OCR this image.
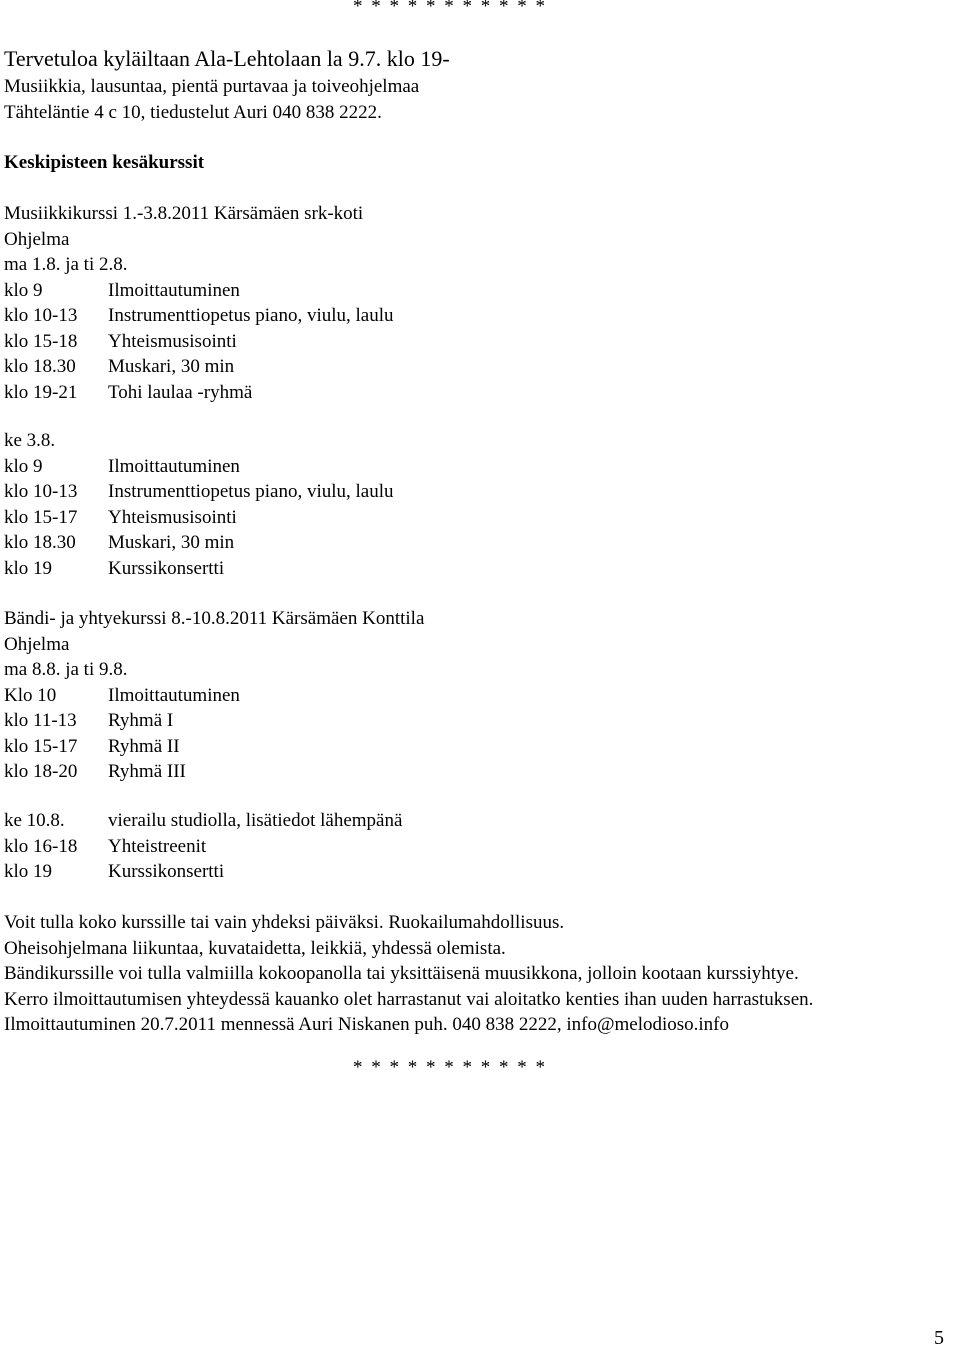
* * * * * * * * * * *
Tervetuloa kyläiltaan Ala-Lehtolaan la 9.7. klo 19-
Musiikkia, lausuntaa, pientä purtavaa ja toiveohjelmaa
Tähteläntie 4 c 10, tiedustelut Auri 040 838 2222.
Keskipisteen kesäkurssit
Musiikkikurssi 1.-3.8.2011 Kärsämäen srk-koti
Ohjelma
ma 1.8. ja ti 2.8.
klo 9	Ilmoittautuminen
klo 10-13 Instrumenttiopetus piano, viulu, laulu
klo 15-18 Yhteismusisointi
klo 18.30 Muskari, 30 min
klo 19-21 Tohi laulaa -ryhmä
ke 3.8.
klo 9	Ilmoittautuminen
klo 10-13 Instrumenttiopetus piano, viulu, laulu
klo 15-17 Yhteismusisointi
klo 18.30 Muskari, 30 min
klo 19	Kurssikonsertti
Bändi- ja yhtyekurssi 8.-10.8.2011 Kärsämäen Konttila
Ohjelma
ma 8.8. ja ti 9.8.
Klo 10	Ilmoittautuminen
klo 11-13 Ryhmä I
klo 15-17 Ryhmä II
klo 18-20 Ryhmä III
ke 10.8. vierailu studiolla, lisätiedot lähempänä
klo 16-18 Yhteistreenit
klo 19	Kurssikonsertti
Voit tulla koko kurssille tai vain yhdeksi päiväksi. Ruokailumahdollisuus.
Oheisohjelmana liikuntaa, kuvataidetta, leikkiä, yhdessä olemista.
Bändikurssille voi tulla valmiilla kokoopanolla tai yksittäisenä muusikkona, jolloin kootaan kurssiyhtye.
Kerro ilmoittautumisen yhteydessä kauanko olet harrastanut vai aloitatko kenties ihan uuden harrastuksen.
Ilmoittautuminen 20.7.2011 mennessä Auri Niskanen puh. 040 838 2222, info@melodioso.info
* * * * * * * * * * *
5
